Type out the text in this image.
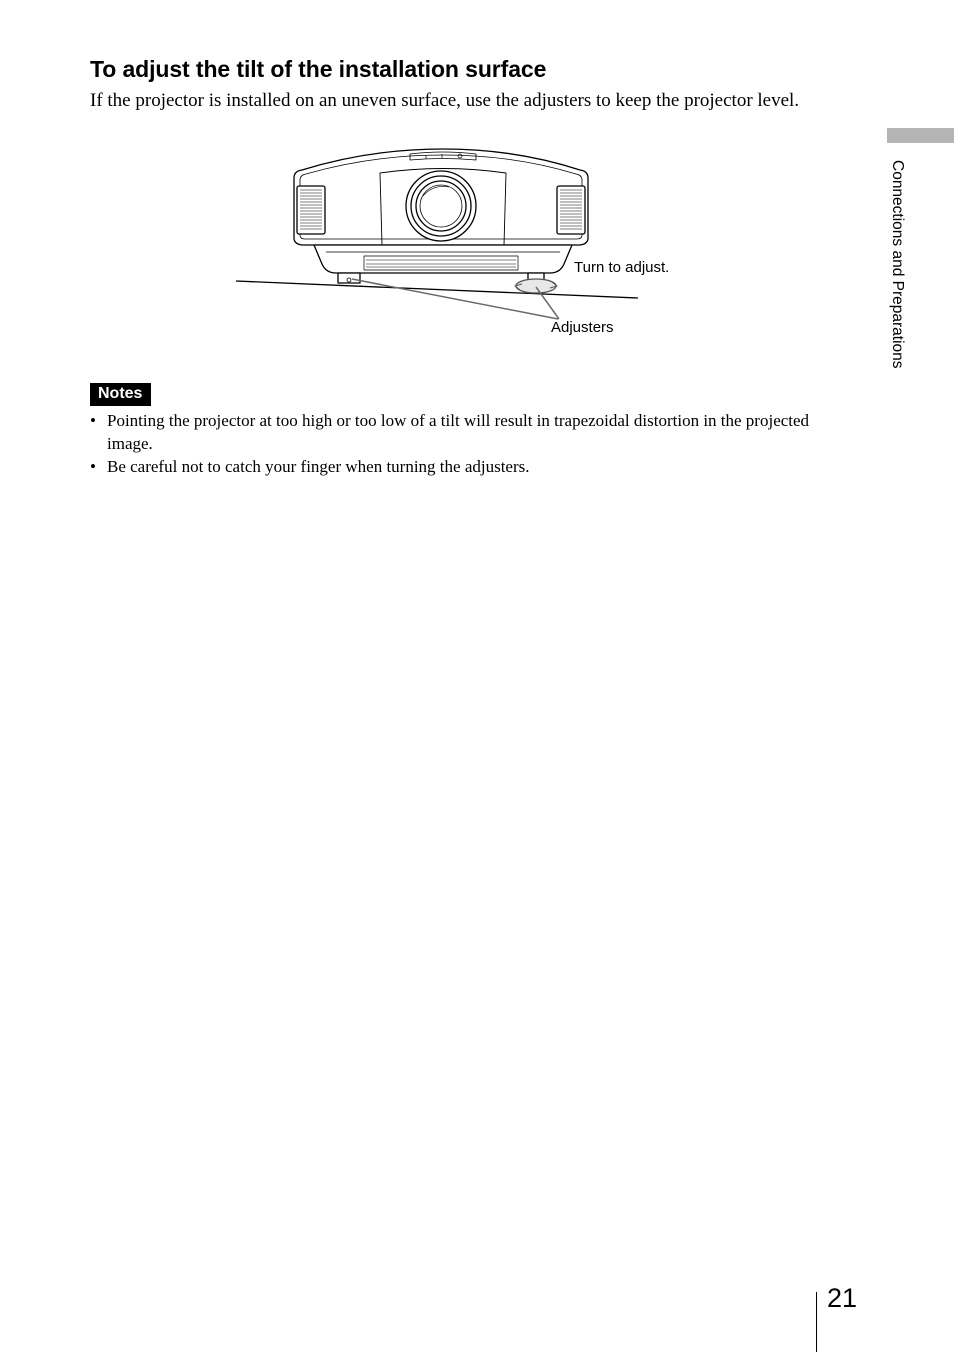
To adjust the tilt of the installation surface

If the projector is installed on an uneven surface, use the adjusters to keep the projector level.

Turn to adjust.
Adjusters
Notes
• Pointing the projector at too high or too low of a tilt will result in trapezoidal distortion in the projected image.
• Be careful not to catch your finger when turning the adjusters.
Connections and Preparations
21
